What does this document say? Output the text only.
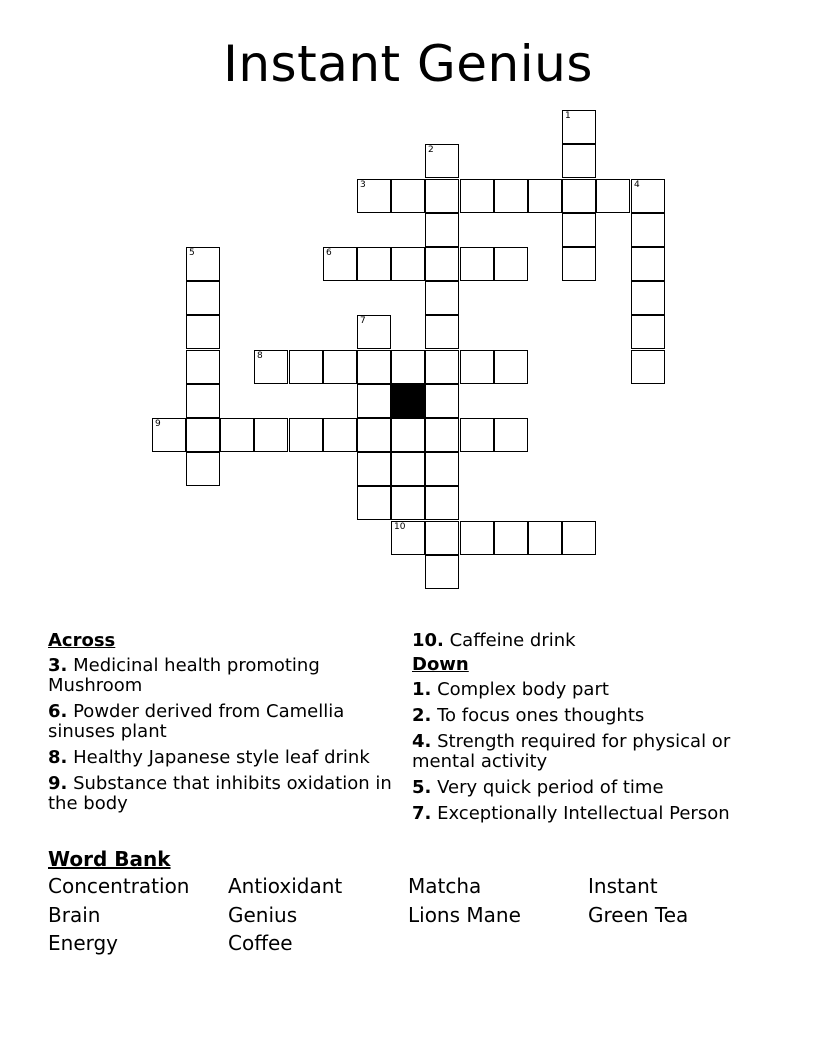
Instant Genius
1
2
3	4
5	6
7
8
9
10
Across
3. Medicinal health promoting Mushroom
6. Powder derived from Camellia sinuses plant
8. Healthy Japanese style leaf drink
9. Substance that inhibits oxidation in the body
10. Caffeine drink
Down
1. Complex body part
2. To focus ones thoughts
4. Strength required for physical or mental activity
5. Very quick period of time
7. Exceptionally Intellectual Person
Word Bank
Concentration Antioxidant	Matcha	Instant
Brain	Genius	Lions Mane	Green Tea
Energy	Coffee
